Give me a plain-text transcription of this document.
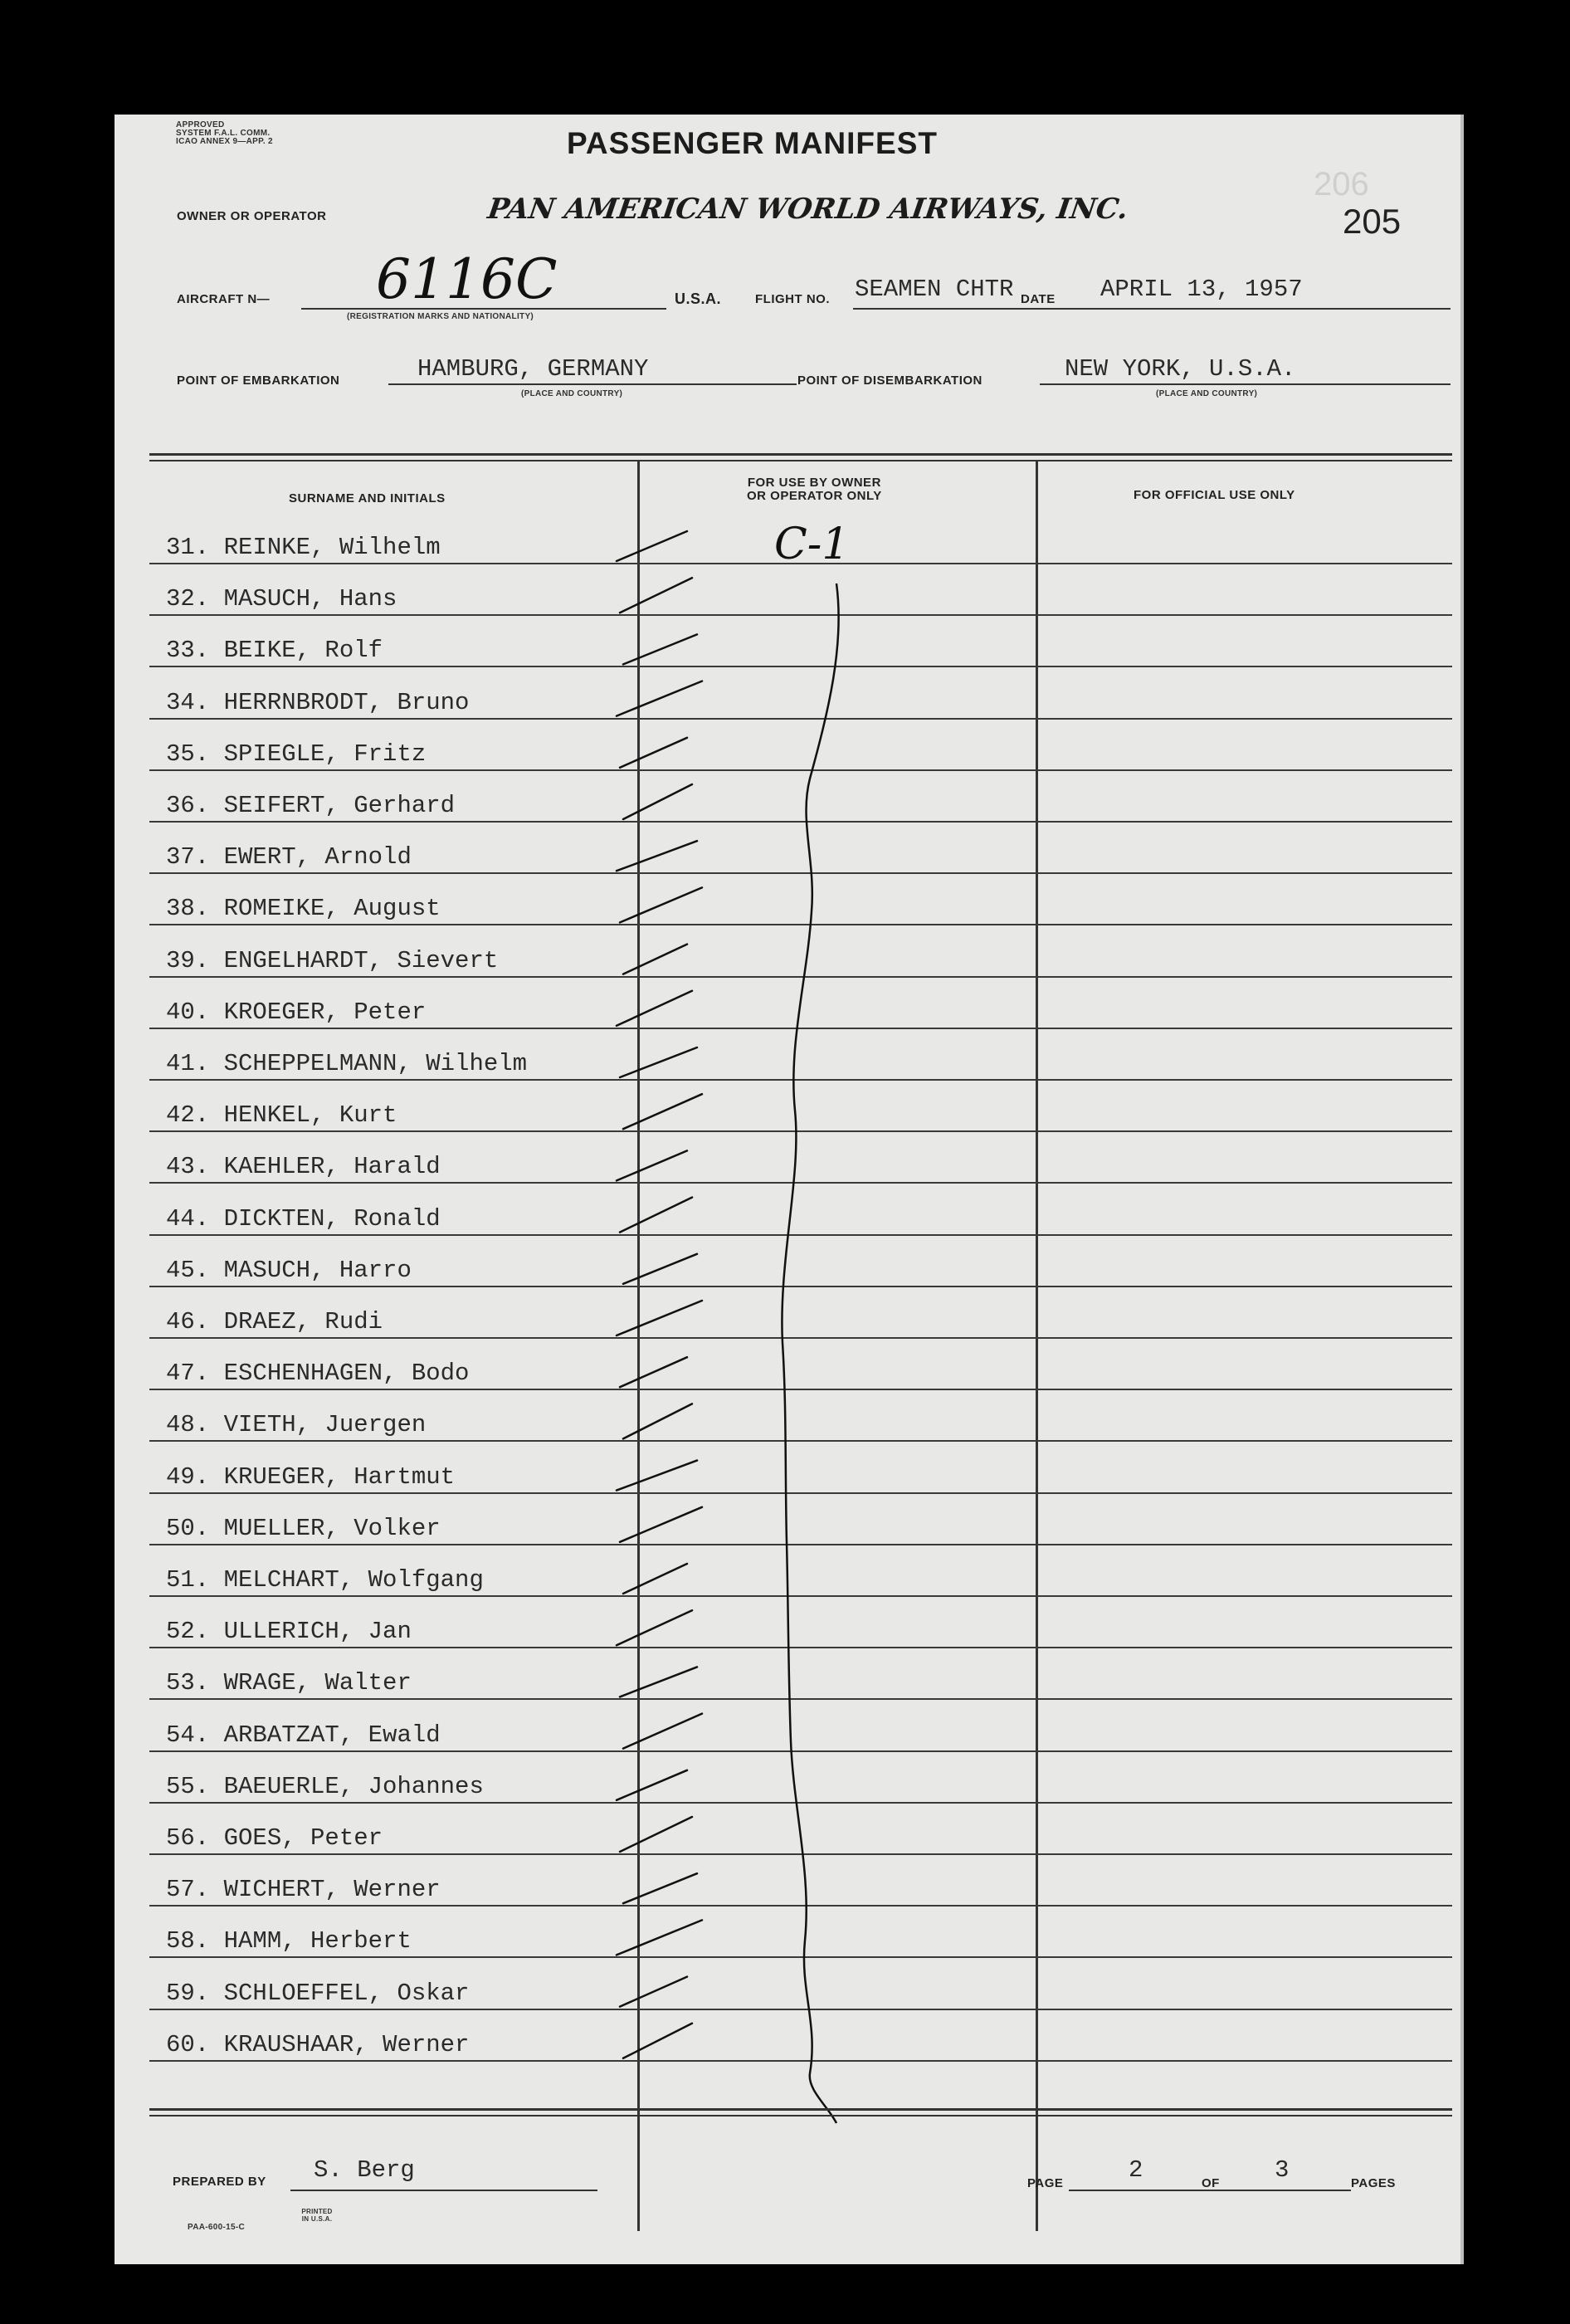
APPROVED
SYSTEM F.A.L. COMM.
ICAO ANNEX 9—APP. 2	PASSENGER MANIFEST
OWNER OR OPERATOR	PAN AMERICAN WORLD AIRWAYS, INC.
206
205
AIRCRAFT N— 6116C
(REGISTRATION MARKS AND NATIONALITY)
U.S.A.	FLIGHT NO. SEAMEN CHTR DATE APRIL 13, 1957
POINT OF EMBARKATION	HAMBURG, GERMANY
(PLACE AND COUNTRY)
POINT OF DISEMBARKATION	NEW YORK, U.S.A.
(PLACE AND COUNTRY)
SURNAME AND INITIALS
FOR USE BY OWNER
OR OPERATOR ONLY	FOR OFFICIAL USE ONLY
31. REINKE, Wilhelm
32. MASUCH, Hans
33. BEIKE, Rolf
34. HERRNBRODT, Bruno
35. SPIEGLE, Fritz
36. SEIFERT, Gerhard
37. EWERT, Arnold
38. ROMEIKE, August
39. ENGELHARDT, Sievert
40. KROEGER, Peter
41. SCHEPPELMANN, Wilhelm
42. HENKEL, Kurt
43. KAEHLER, Harald
44. DICKTEN, Ronald
45. MASUCH, Harro
46. DRAEZ, Rudi
47. ESCHENHAGEN, Bodo
48. VIETH, Juergen
49. KRUEGER, Hartmut
50. MUELLER, Volker
51. MELCHART, Wolfgang
52. ULLERICH, Jan
53. WRAGE, Walter
54. ARBATZAT, Ewald
55. BAEUERLE, Johannes
56. GOES, Peter
57. WICHERT, Werner
58. HAMM, Herbert
59. SCHLOEFFEL, Oskar
60. KRAUSHAAR, Werner
C-1
PREPARED BY S. Berg	PAGE	2	OF 3	PAGES
PAA-600-15-C
PRINTED IN U.S.A.
